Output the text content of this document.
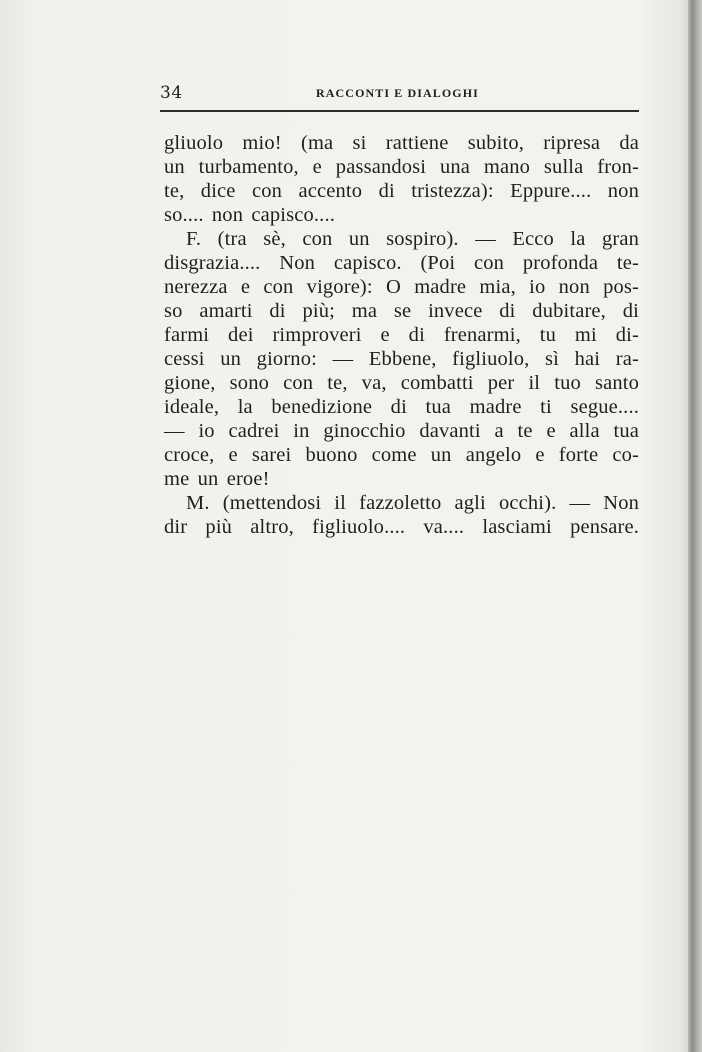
34	RACCONTI E DIALOGHI
gliuolo mio! (ma si rattiene subito, ripresa da
un turbamento, e passandosi una mano sulla fron-
te, dice con accento di tristezza): Eppure.... non
so.... non capisco....
F. (tra sè, con un sospiro). — Ecco la gran
disgrazia.... Non capisco. (Poi con profonda te-
nerezza e con vigore): O madre mia, io non pos-
so amarti di più; ma se invece di dubitare, di
farmi dei rimproveri e di frenarmi, tu mi di-
cessi un giorno: — Ebbene, figliuolo, sì hai ra-
gione, sono con te, va, combatti per il tuo santo
ideale, la benedizione di tua madre ti segue....
— io cadrei in ginocchio davanti a te e alla tua
croce, e sarei buono come un angelo e forte co-
me un eroe!
M. (mettendosi il fazzoletto agli occhi). — Non
dir più altro, figliuolo.... va.... lasciami pensare.
